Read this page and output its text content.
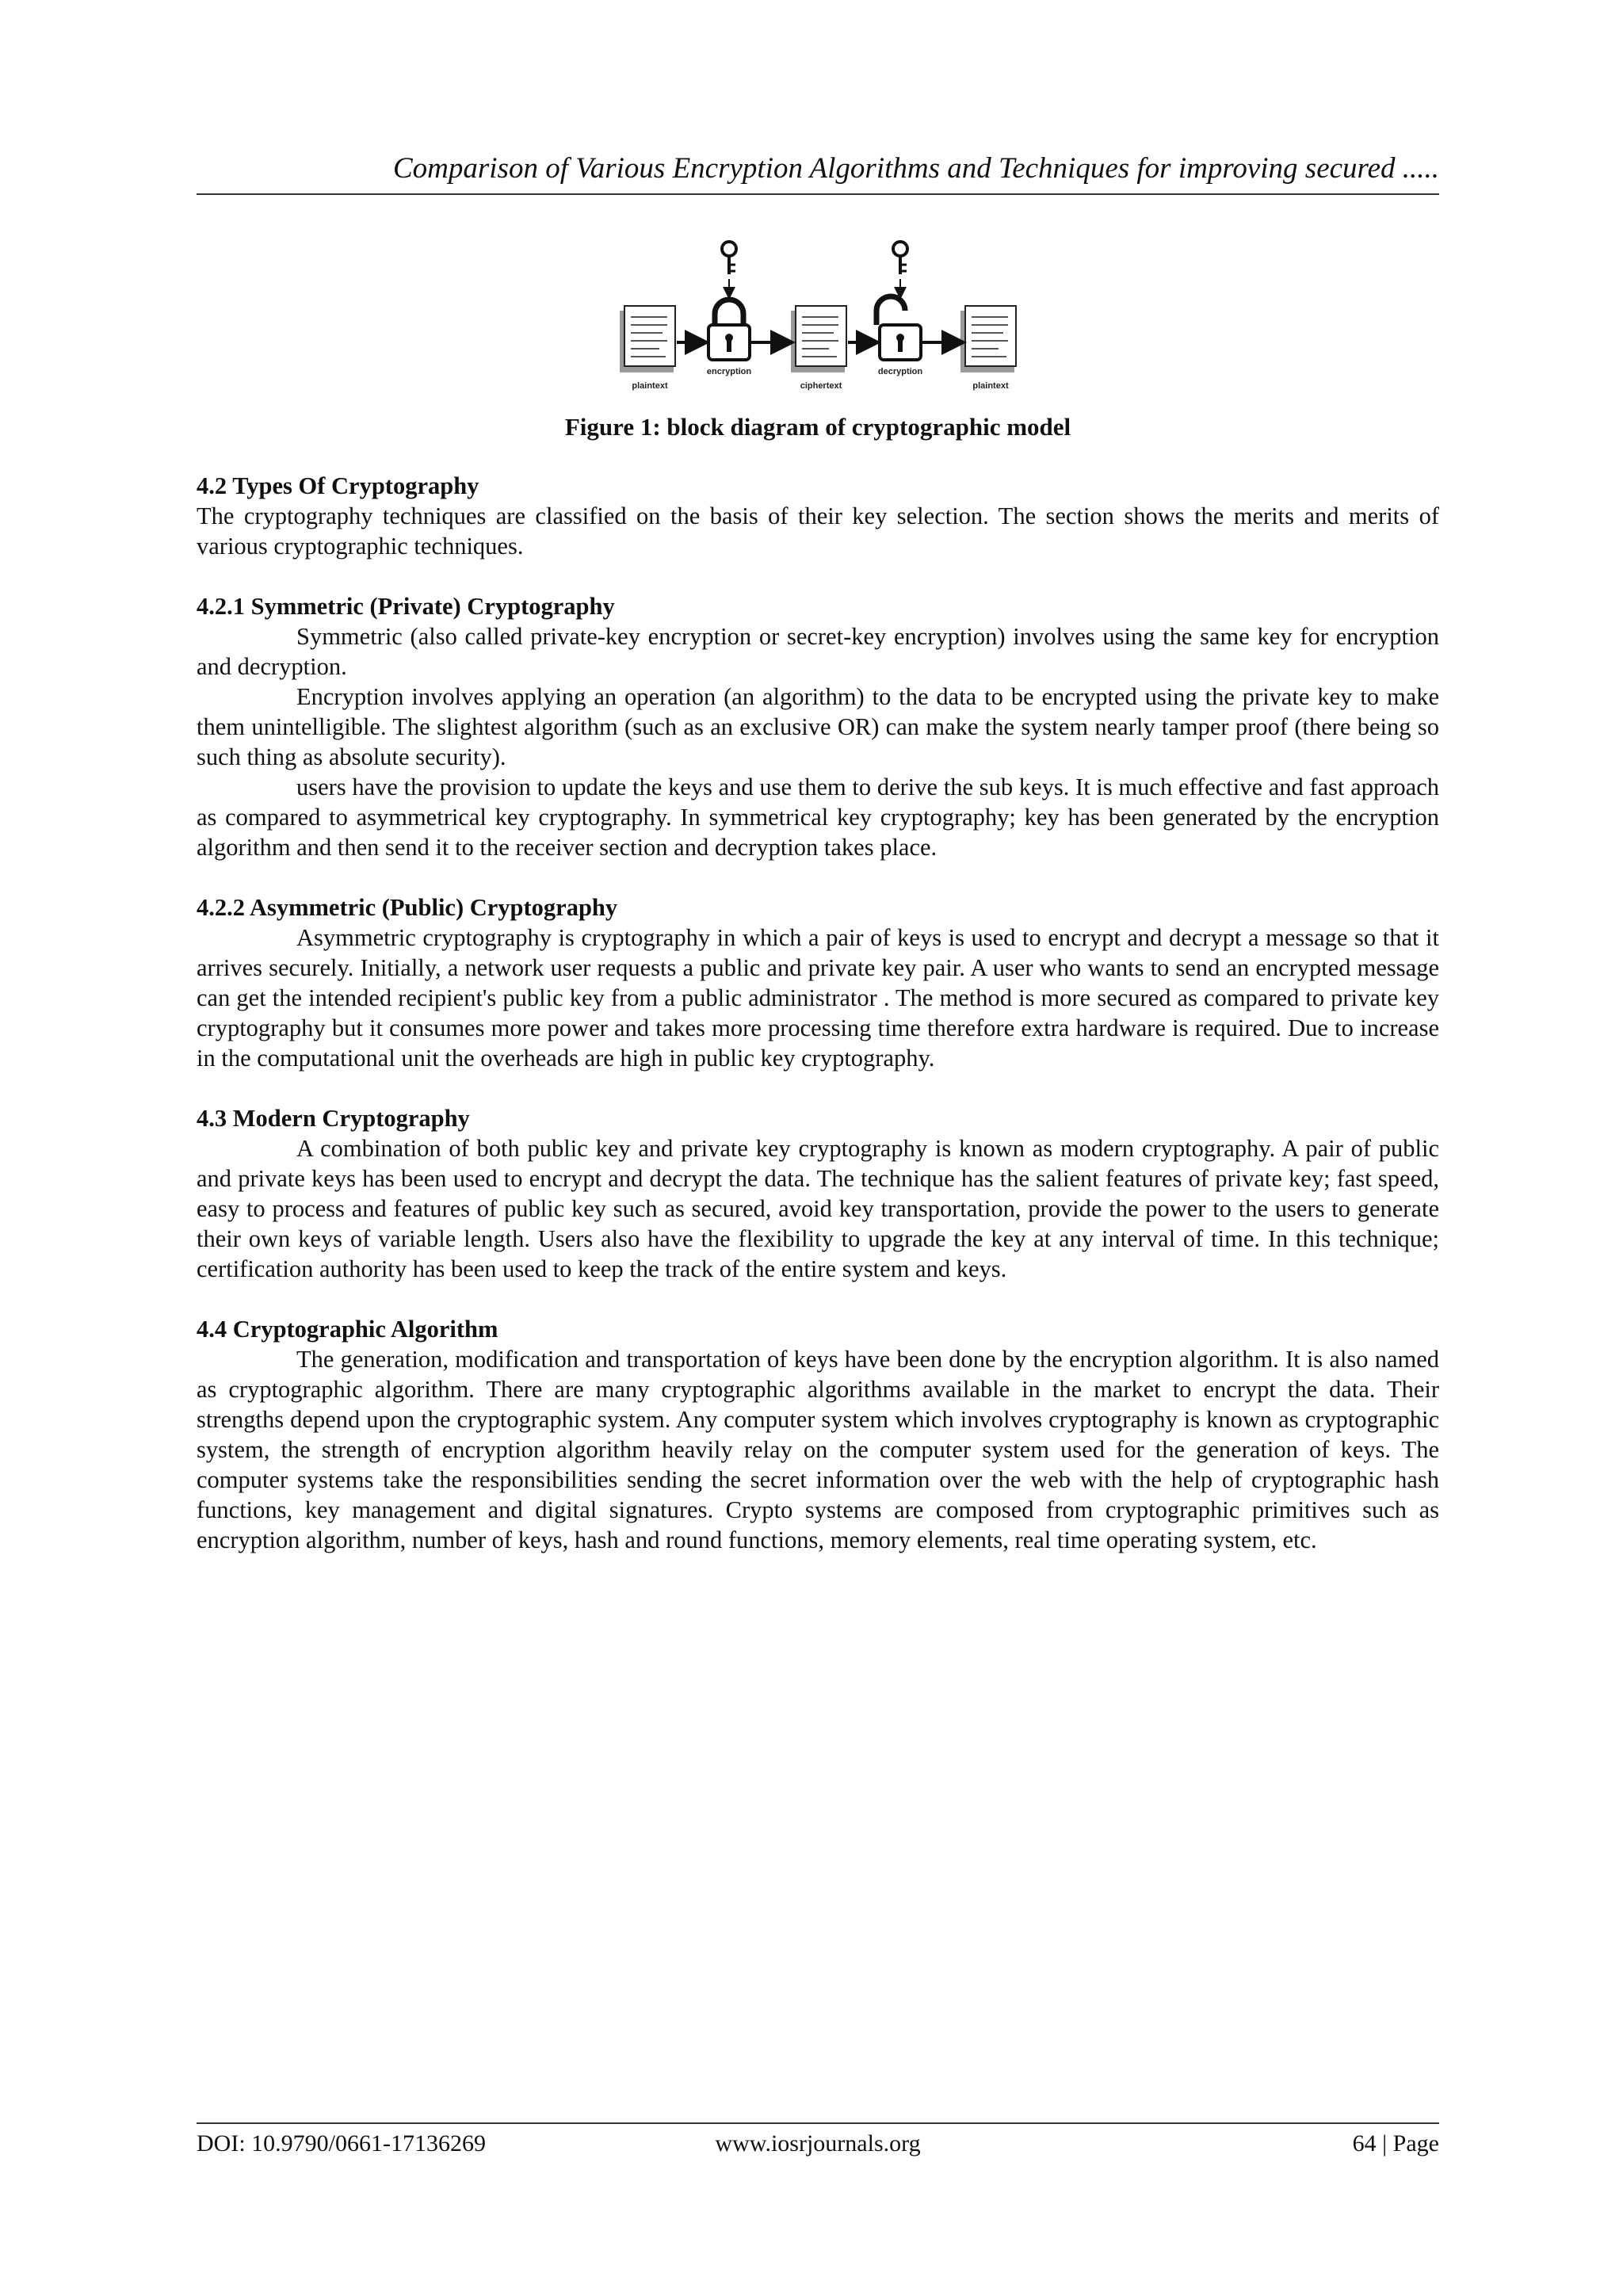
Comparison of Various Encryption Algorithms and Techniques for improving secured .....
plaintext
encryption
ciphertext
decryption
plaintext
Figure 1: block diagram of cryptographic model
4.2 Types Of Cryptography

The cryptography techniques are classified on the basis of their key selection. The section shows the merits and merits of various cryptographic techniques.

4.2.1 Symmetric (Private) Cryptography

Symmetric (also called private-key encryption or secret-key encryption) involves using the same key for encryption and decryption.

Encryption involves applying an operation (an algorithm) to the data to be encrypted using the private key to make them unintelligible. The slightest algorithm (such as an exclusive OR) can make the system nearly tamper proof (there being so such thing as absolute security).

users have the provision to update the keys and use them to derive the sub keys. It is much effective and fast approach as compared to asymmetrical key cryptography. In symmetrical key cryptography; key has been generated by the encryption algorithm and then send it to the receiver section and decryption takes place.

4.2.2 Asymmetric (Public) Cryptography

Asymmetric cryptography is cryptography in which a pair of keys is used to encrypt and decrypt a message so that it arrives securely. Initially, a network user requests a public and private key pair. A user who wants to send an encrypted message can get the intended recipient's public key from a public administrator . The method is more secured as compared to private key cryptography but it consumes more power and takes more processing time therefore extra hardware is required. Due to increase in the computational unit the overheads are high in public key cryptography.

4.3 Modern Cryptography

A combination of both public key and private key cryptography is known as modern cryptography. A pair of public and private keys has been used to encrypt and decrypt the data. The technique has the salient features of private key; fast speed, easy to process and features of public key such as secured, avoid key transportation, provide the power to the users to generate their own keys of variable length. Users also have the flexibility to upgrade the key at any interval of time. In this technique; certification authority has been used to keep the track of the entire system and keys.

4.4 Cryptographic Algorithm

The generation, modification and transportation of keys have been done by the encryption algorithm. It is also named as cryptographic algorithm. There are many cryptographic algorithms available in the market to encrypt the data. Their strengths depend upon the cryptographic system. Any computer system which involves cryptography is known as cryptographic system, the strength of encryption algorithm heavily relay on the computer system used for the generation of keys. The computer systems take the responsibilities sending the secret information over the web with the help of cryptographic hash functions, key management and digital signatures. Crypto systems are composed from cryptographic primitives such as encryption algorithm, number of keys, hash and round functions, memory elements, real time operating system, etc.

DOI: 10.9790/0661-17136269	www.iosrjournals.org	64 | Page
